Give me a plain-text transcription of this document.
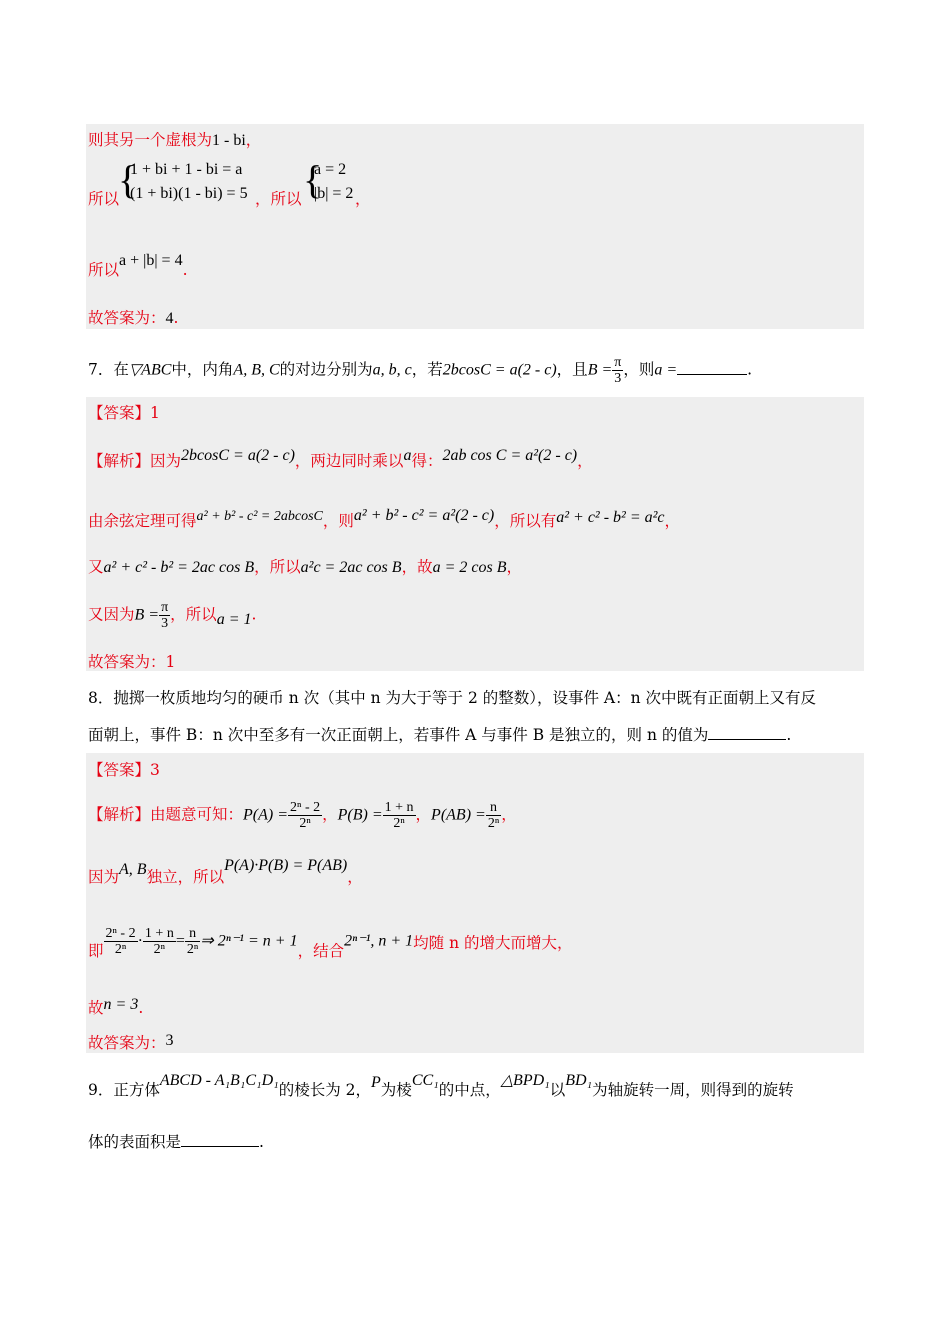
则其另一个虚根为1 - bi，
所以
{
1 + bi + 1 - bi = a
(1 + bi)(1 - bi) = 5 ，所以 {
a = 2
|b| = 2 ，
所以a + |b| = 4.
故答案为：4.
7．在▽ABC中，内角A, B, C的对边分别为a, b, c，若2bcosC = a(2 - c)，且$B = \frac{\pi}{3}$ ，则a =	.
【答案】1
【解析】因为2bcosC = a(2 - c)，两边同时乘以a得：2ab cos C = a²(2 - c)，
由余弦定理可得a² + b² - c² = 2abcosC，则a² + b² - c² = a²(2 - c)，所以有a² + c² - b² = a²c，
又a² + c² - b² = 2ac cos B，所以a²c = 2ac cos B，故a = 2 cos B，
又因为$B = \frac{\pi}{3}$ ，所以a = 1.
故答案为：1
8．抛掷一枚质地均匀的硬币 n 次（其中 n 为大于等于 2 的整数），设事件 A：n 次中既有正面朝上又有反
面朝上，事件 B：n 次中至多有一次正面朝上，若事件 A 与事件 B 是独立的，则 n 的值为	.
【答案】3
【解析】由题意可知：$P(A) = \frac{\text{2ⁿ - 2}}{\text{2ⁿ}}$ ，$P(B) = \frac{1 + n}{\text{2ⁿ}}$ ，$P(AB) = \frac{n}{\text{2ⁿ}}$ ，
因为A, B独立，所以P(A)·P(B) = P(AB)，
即 $\frac{\text{2ⁿ - 2}}{\text{2ⁿ}} \cdot \frac{1 + n}{\text{2ⁿ}} = \frac{n}{\text{2ⁿ}}$ ⇒ 2ⁿ⁻¹ = n + 1，结合2ⁿ⁻¹, n + 1均随 n 的增大而增大，
故n = 3.
故答案为：3
9．正方体ABCD - A₁B₁C₁D₁的棱长为 2，P为棱CC₁的中点，△BPD₁以BD₁为轴旋转一周，则得到的旋转
体的表面积是	.
